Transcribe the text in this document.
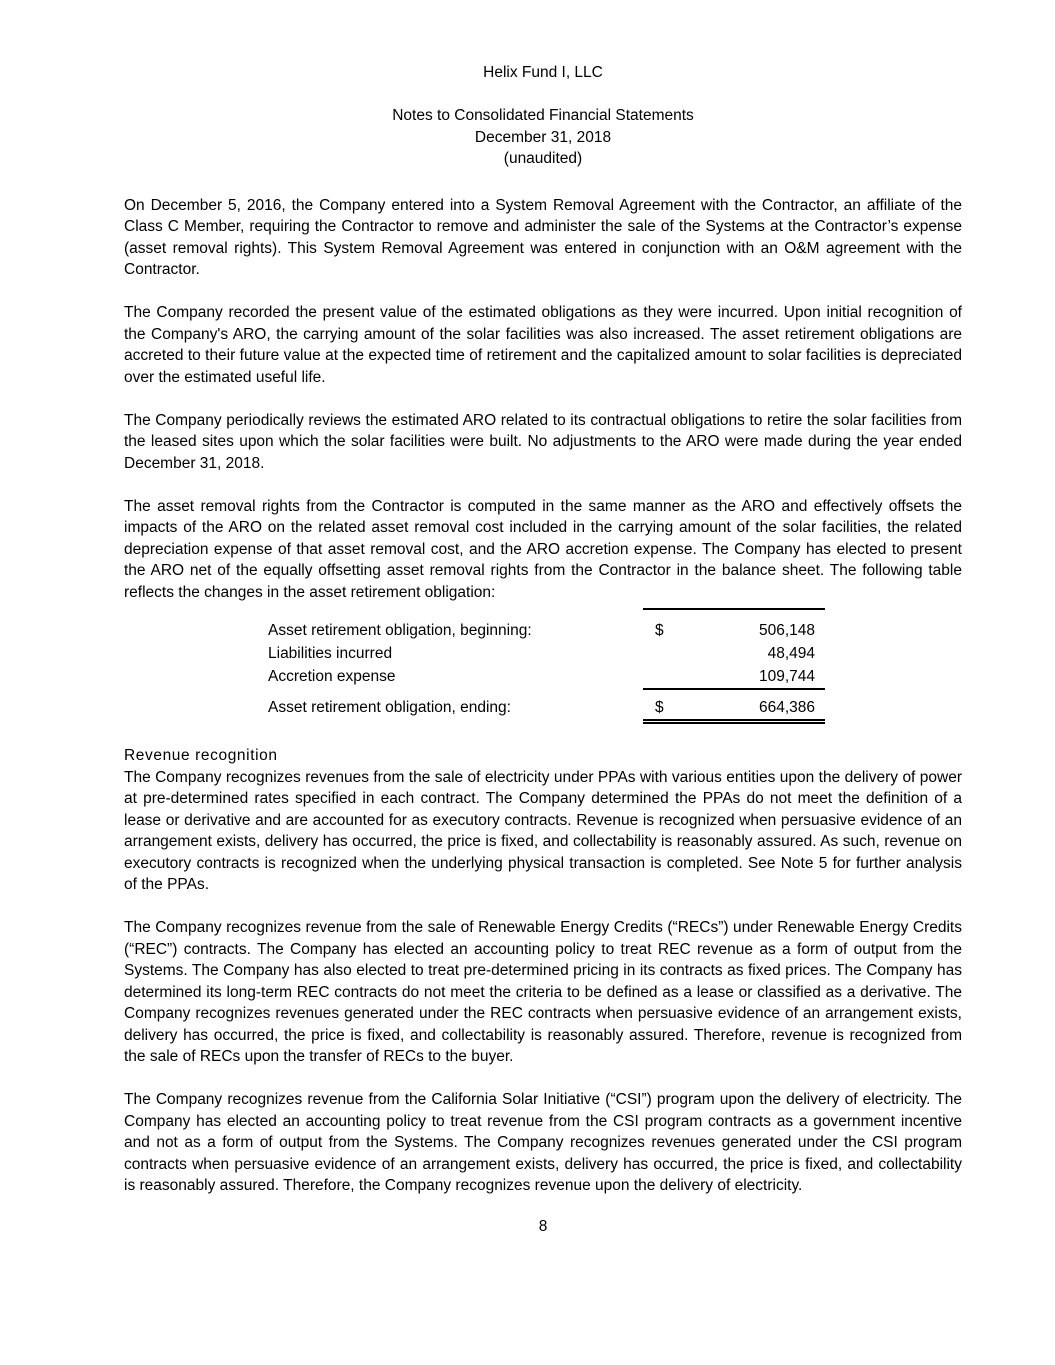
Helix Fund I, LLC
Notes to Consolidated Financial Statements
December 31, 2018
(unaudited)

On December 5, 2016, the Company entered into a System Removal Agreement with the Contractor, an affiliate of the Class C Member, requiring the Contractor to remove and administer the sale of the Systems at the Contractor’s expense (asset removal rights). This System Removal Agreement was entered in conjunction with an O&M agreement with the Contractor.

The Company recorded the present value of the estimated obligations as they were incurred. Upon initial recognition of the Company's ARO, the carrying amount of the solar facilities was also increased. The asset retirement obligations are accreted to their future value at the expected time of retirement and the capitalized amount to solar facilities is depreciated over the estimated useful life.

The Company periodically reviews the estimated ARO related to its contractual obligations to retire the solar facilities from the leased sites upon which the solar facilities were built. No adjustments to the ARO were made during the year ended December 31, 2018.

The asset removal rights from the Contractor is computed in the same manner as the ARO and effectively offsets the impacts of the ARO on the related asset removal cost included in the carrying amount of the solar facilities, the related depreciation expense of that asset removal cost, and the ARO accretion expense. The Company has elected to present the ARO net of the equally offsetting asset removal rights from the Contractor in the balance sheet. The following table reflects the changes in the asset retirement obligation:

Asset retirement obligation, beginning:	$	506,148
Liabilities incurred	48,494
Accretion expense	109,744
Asset retirement obligation, ending:	$	664,386
Revenue recognition

The Company recognizes revenues from the sale of electricity under PPAs with various entities upon the delivery of power at pre-determined rates specified in each contract. The Company determined the PPAs do not meet the definition of a lease or derivative and are accounted for as executory contracts. Revenue is recognized when persuasive evidence of an arrangement exists, delivery has occurred, the price is fixed, and collectability is reasonably assured. As such, revenue on executory contracts is recognized when the underlying physical transaction is completed. See Note 5 for further analysis of the PPAs.

The Company recognizes revenue from the sale of Renewable Energy Credits (“RECs”) under Renewable Energy Credits (“REC”) contracts. The Company has elected an accounting policy to treat REC revenue as a form of output from the Systems. The Company has also elected to treat pre-determined pricing in its contracts as fixed prices. The Company has determined its long-term REC contracts do not meet the criteria to be defined as a lease or classified as a derivative. The Company recognizes revenues generated under the REC contracts when persuasive evidence of an arrangement exists, delivery has occurred, the price is fixed, and collectability is reasonably assured. Therefore, revenue is recognized from the sale of RECs upon the transfer of RECs to the buyer.

The Company recognizes revenue from the California Solar Initiative (“CSI”) program upon the delivery of electricity. The Company has elected an accounting policy to treat revenue from the CSI program contracts as a government incentive and not as a form of output from the Systems. The Company recognizes revenues generated under the CSI program contracts when persuasive evidence of an arrangement exists, delivery has occurred, the price is fixed, and collectability is reasonably assured. Therefore, the Company recognizes revenue upon the delivery of electricity.

8
